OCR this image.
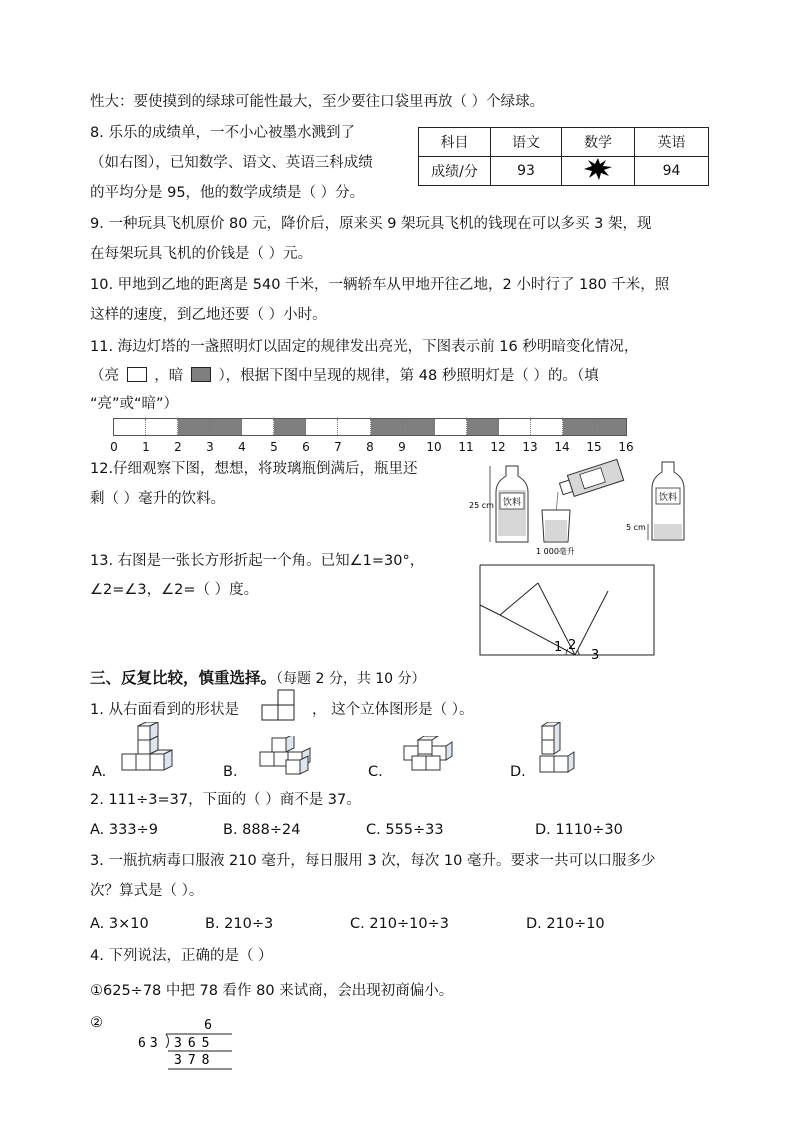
性大：要使摸到的绿球可能性最大，至少要往口袋里再放（ ）个绿球。
8. 乐乐的成绩单，一不小心被墨水溅到了
（如右图），已知数学、语文、英语三科成绩
的平均分是 95，他的数学成绩是（ ）分。
科目	语文	数学	英语
成绩/分	93		94
9. 一种玩具飞机原价 80 元，降价后，原来买 9 架玩具飞机的钱现在可以多买 3 架，现
在每架玩具飞机的价钱是（ ）元。
10. 甲地到乙地的距离是 540 千米，一辆轿车从甲地开往乙地，2 小时行了 180 千米，照
这样的速度，到乙地还要（ ）小时。
11. 海边灯塔的一盏照明灯以固定的规律发出亮光，下图表示前 16 秒明暗变化情况，
（亮 ，暗 ），根据下图中呈现的规律，第 48 秒照明灯是（ ）的。（填
“亮”或“暗”）
0 1 2 3 4 5 6 7 8 9 10 11 12 13 14 15 16
12.仔细观察下图，想想，将玻璃瓶倒满后，瓶里还
剩（ ）毫升的饮料。	饮料
25 cm
1 000毫升
饮料
5 cm
13. 右图是一张长方形折起一个角。已知∠1=30°，
∠2=∠3，∠2=（ ）度。
1 2
3
三、反复比较，慎重选择。（每题 2 分，共 10 分）
1. 从右面看到的形状是	， 这个立体图形是（ ）。
A.	B.	C.	D.
2. 111÷3=37，下面的（ ）商不是 37。
A. 333÷9	B. 888÷24	C. 555÷33	D. 1110÷30
3. 一瓶抗病毒口服液 210 毫升，每日服用 3 次，每次 10 毫升。要求一共可以口服多少
次？算式是（ ）。
A. 3×10	B. 210÷3	C. 210÷10÷3	D. 210÷10
4. 下列说法，正确的是（ ）
①625÷78 中把 78 看作 80 来试商，会出现初商偏小。
②	6
63 365
378
